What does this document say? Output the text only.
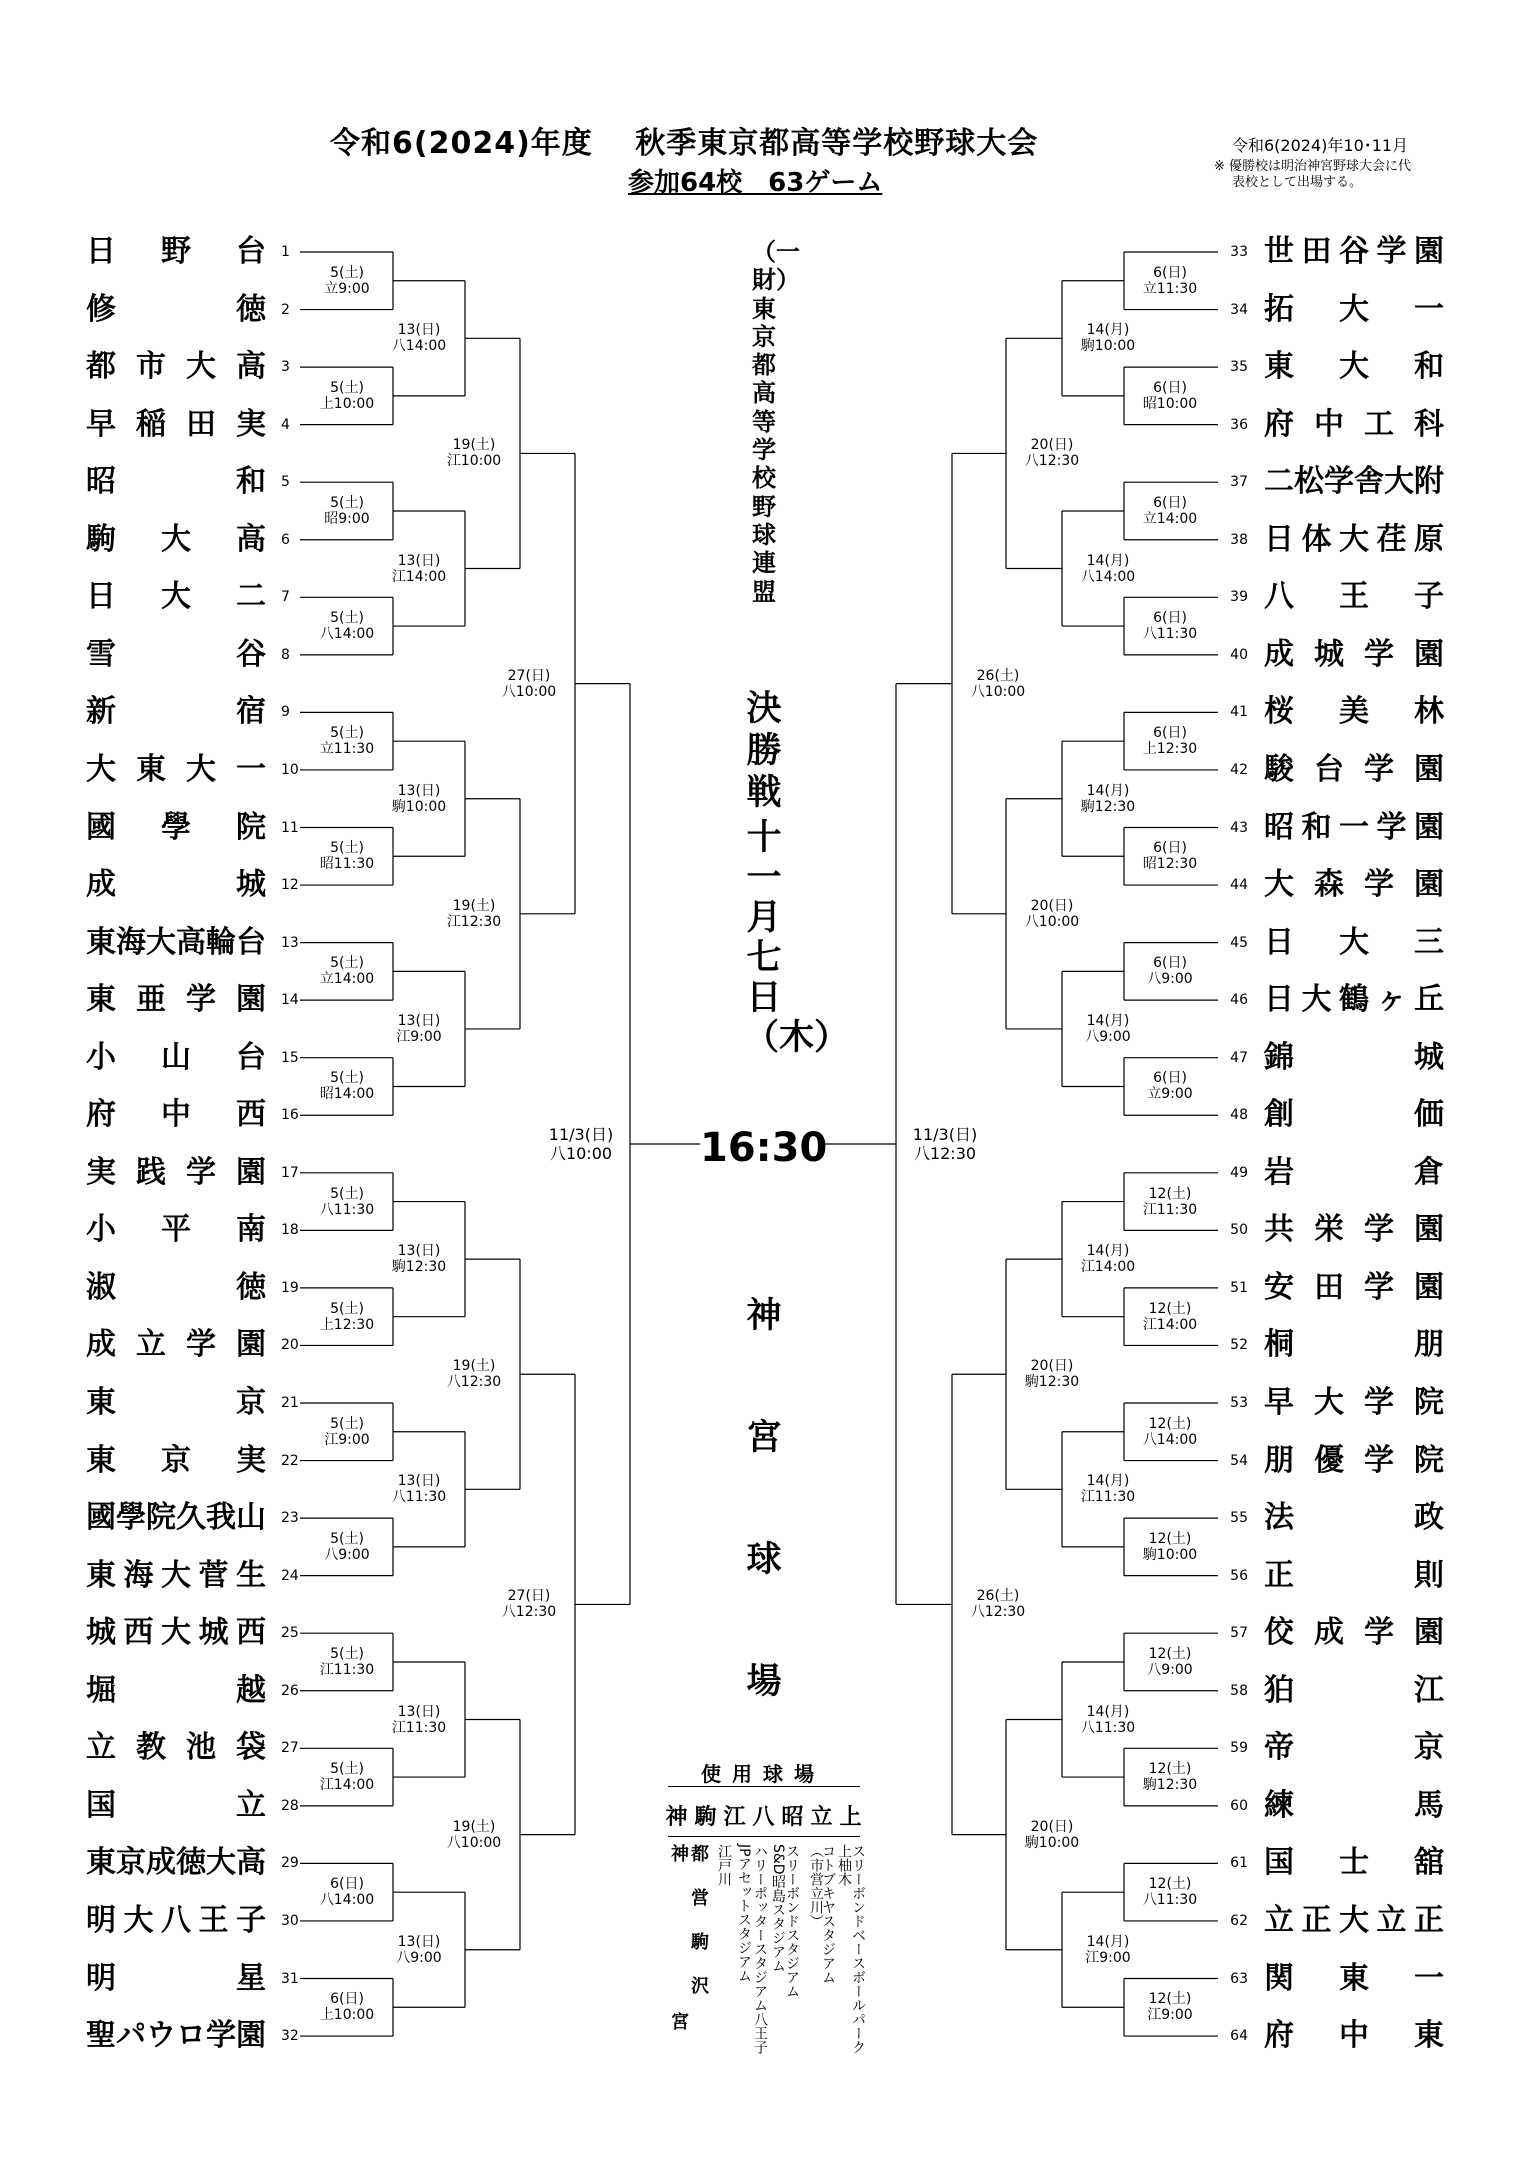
令和6(2024)年度　 秋季東京都高等学校野球大会
参加64校　63ゲーム
令和6(2024)年10･11月
※ 優勝校は明治神宮野球大会に代
表校として出場する。
日 野 台 1
修	徳 2
都 市 大 高 3
早 稲 田 実 4
昭	和 5
駒 大 高 6
日 大 二 7
雪	谷 8
新	宿 9
大 東 大 一 10
國 學 院 11
成	城 12
東 海 大 高 輪 台 13
東 亜 学 園 14
小 山 台 15
府 中 西 16
実 践 学 園 17
小 平 南 18
淑	徳 19
成 立 学 園 20
東	京 21
東 京 実 22
國 學 院 久 我 山 23
東 海 大 菅 生 24
城 西 大 城 西 25
堀	越 26
立 教 池 袋 27
国	立 28
東 京 成 徳 大 高 29
明 大 八 王 子 30
明	星 31
聖 パ ウ ロ 学 園 32
5(土)
立9:00
5(土)
上10:00
5(土)
昭9:00
5(土)
八14:00
5(土)
立11:30
5(土)
昭11:30
5(土)
立14:00
5(土)
昭14:00
5(土)
八11:30
5(土)
上12:30
5(土)
江9:00
5(土)
八9:00
5(土)
江11:30
5(土)
江14:00
6(日)
八14:00
6(日)
上10:00
13(日)
八14:00
13(日)
江14:00
13(日)
駒10:00
13(日)
江9:00
13(日)
駒12:30
13(日)
八11:30
13(日)
江11:30
13(日)
八9:00
19(土)
江10:00
19(土)
江12:30
19(土)
八12:30
19(土)
八10:00
27(日)
八10:00
27(日)
八12:30
11/3(日)
八10:00
世 田 谷 学 園
33
拓 大 一
34
東 大 和
35
府 中 工 科
36
二 松 学 舎 大 附
37
日 体 大 荏 原
38
八 王 子
39
成 城 学 園
40
桜 美 林
41
駿 台 学 園
42
昭 和 一 学 園
43
大 森 学 園
44
日 大 三
45
日 大 鶴 ヶ 丘
46
錦	城
47
創	価
48
岩	倉
49
共 栄 学 園
50
安 田 学 園
51
桐	朋
52
早 大 学 院
53
朋 優 学 院
54
法	政
55
正	則
56
佼 成 学 園
57
狛	江
58
帝	京
59
練	馬
60
国 士 舘
61
立 正 大 立 正
62
関 東 一
63
府 中 東
64
6(日)
立11:30
6(日)
昭10:00
6(日)
立14:00
6(日)
八11:30
6(日)
上12:30
6(日)
昭12:30
6(日)
八9:00
6(日)
立9:00
12(土)
江11:30
12(土)
江14:00
12(土)
八14:00
12(土)
駒10:00
12(土)
八9:00
12(土)
駒12:30
12(土)
八11:30
12(土)
江9:00
14(月)
駒10:00
14(月)
八14:00
14(月)
駒12:30
14(月)
八9:00
14(月)
江14:00
14(月)
江11:30
14(月)
八11:30
14(月)
江9:00
20(日)
八12:30
20(日)
八10:00
20(日)
駒12:30
20(日)
駒10:00
26(土)
八10:00
26(土)
八12:30
11/3(日)
八12:30
（一財）東京都高等学校野球連盟
決勝戦
十一月七日（木）
16:30
神
宮
球
場
使用球場
神駒江八昭立上
神宮 都営駒沢 江戸川 JPアセットスタジアム ハリーポッタースタジアム八王子 S&D昭島スタジアム
スリーボンドスタジアム （市営立川）
コトブキヤスタジアム 上柚木
スリーボンドベースボールパーク
